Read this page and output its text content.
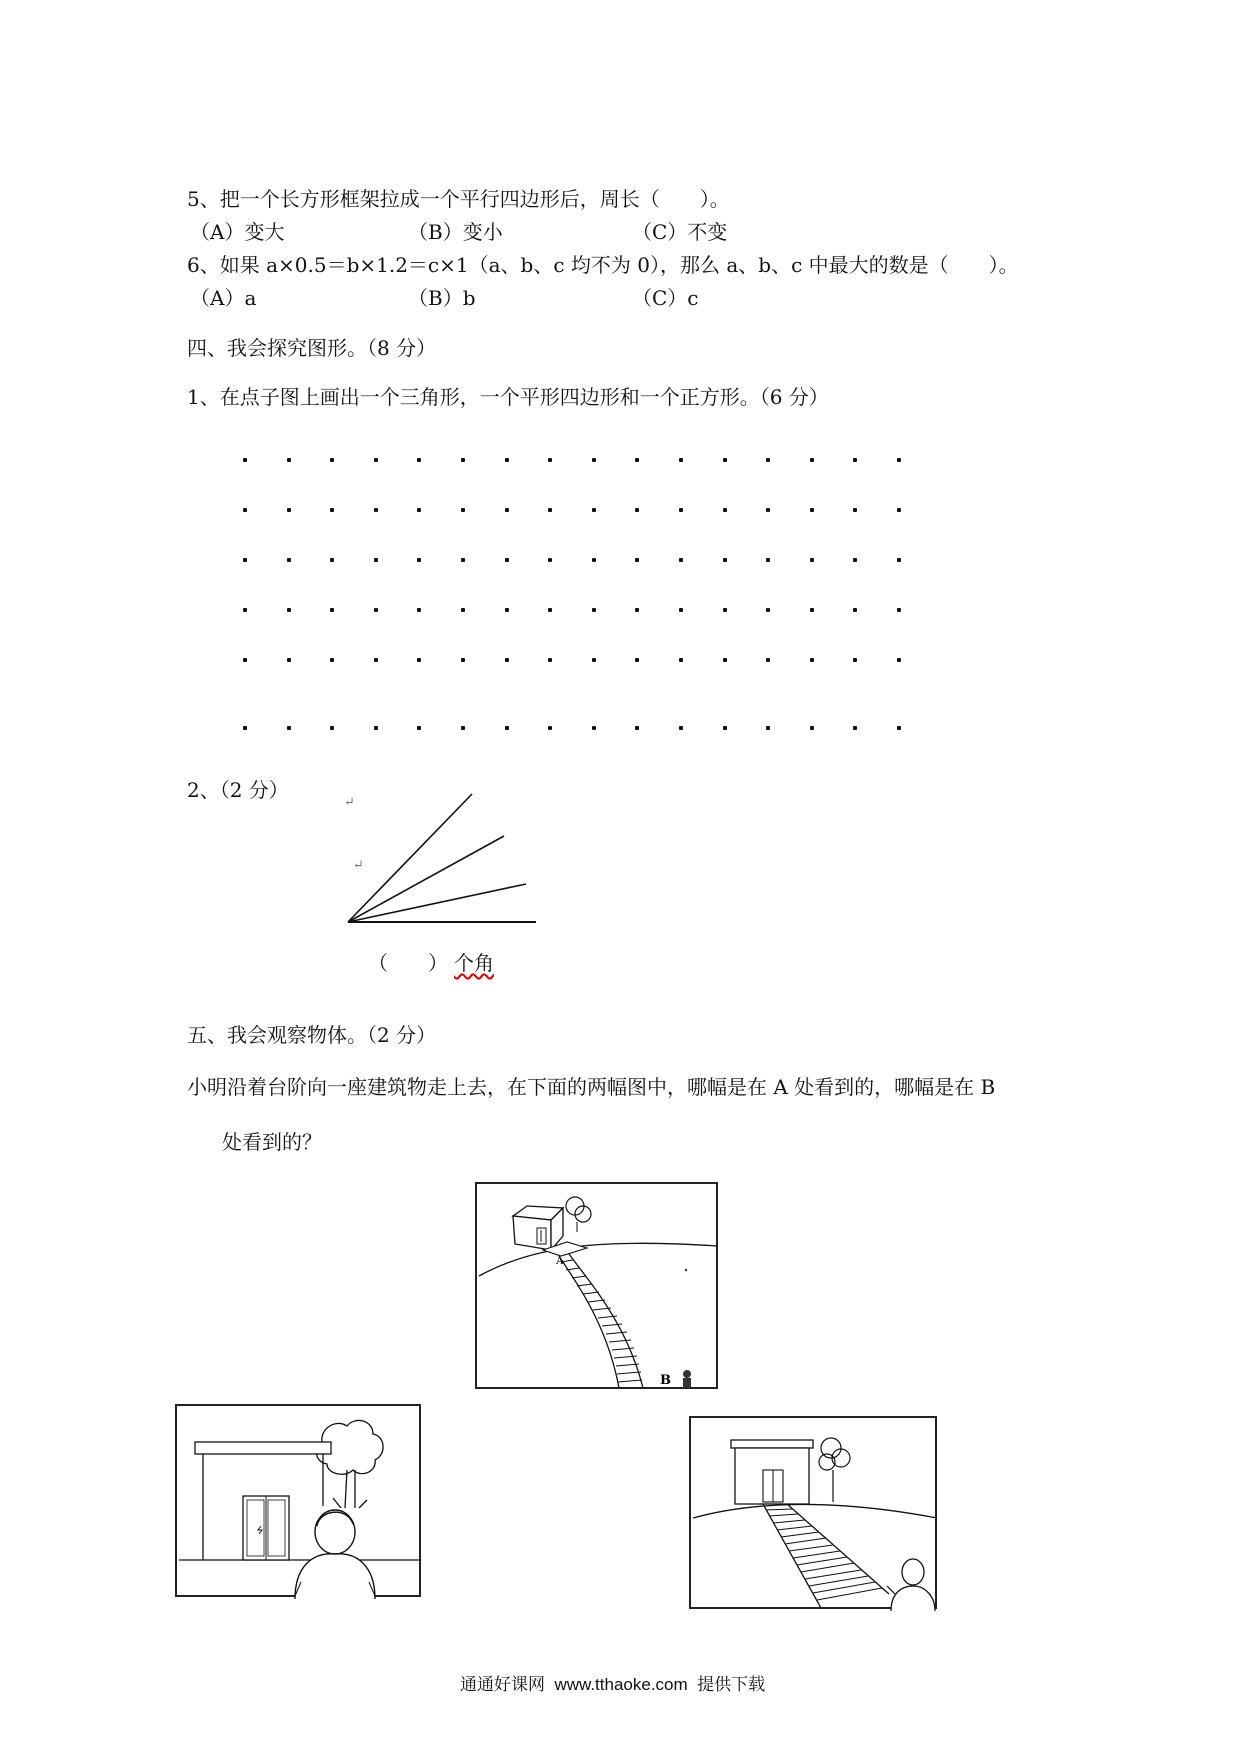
5、把一个长方形框架拉成一个平行四边形后，周长（　　）。
（A）变大	（B）变小	（C）不变
6、如果 a×0.5＝b×1.2＝c×1（a、b、c 均不为 0），那么 a、b、c 中最大的数是（　　）。
（A）a	（B）b	（C）c
四、我会探究图形。（8 分）
1、在点子图上画出一个三角形，一个平形四边形和一个正方形。（6 分）
2、（2 分）
↵
↵
（　　） 个角
五、我会观察物体。（2 分）
小明沿着台阶向一座建筑物走上去，在下面的两幅图中，哪幅是在 A 处看到的，哪幅是在 B
处看到的？
A
B
通通好课网  www.tthaoke.com  提供下载
